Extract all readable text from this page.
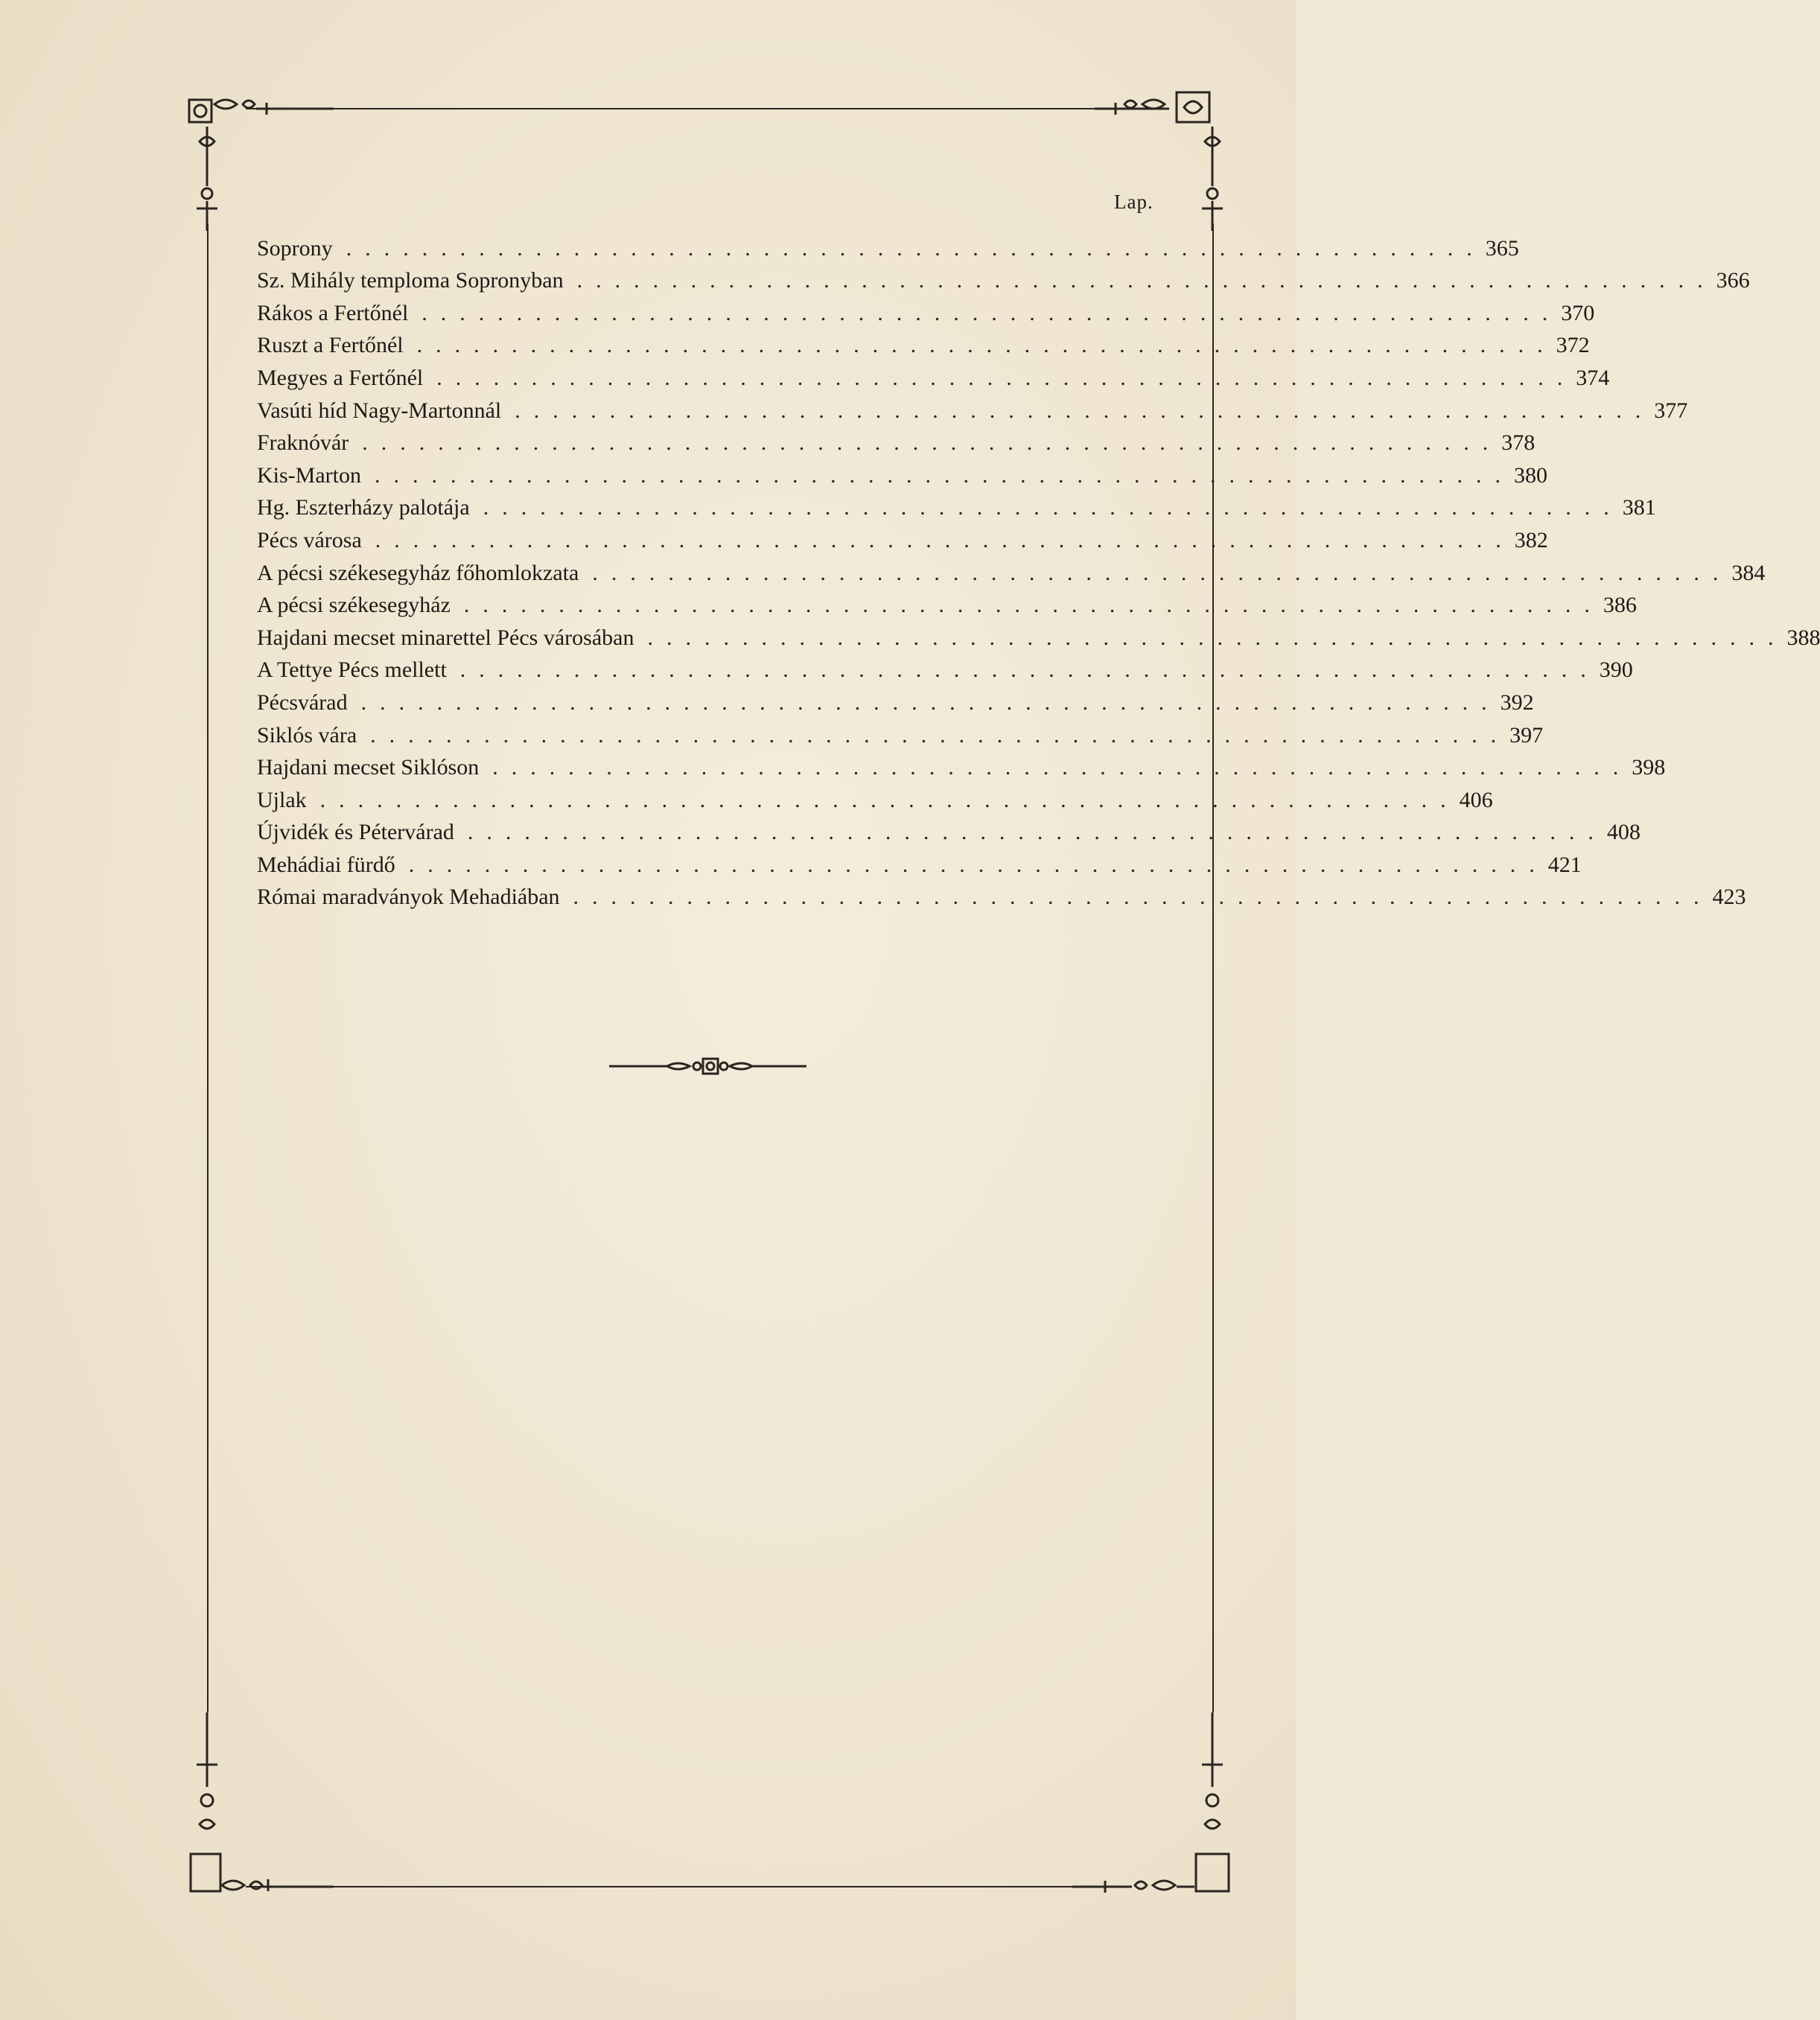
Lap.
Soprony ............................................................ 365
Sz. Mihály temploma Sopronyban ............................................................ 366
Rákos a Fertőnél ............................................................ 370
Ruszt a Fertőnél ............................................................ 372
Megyes a Fertőnél ............................................................ 374
Vasúti híd Nagy-Martonnál ............................................................ 377
Fraknóvár ............................................................ 378
Kis-Marton ............................................................ 380
Hg. Eszterházy palotája ............................................................ 381
Pécs városa ............................................................ 382
A pécsi székesegyház főhomlokzata ............................................................ 384
A pécsi székesegyház ............................................................ 386
Hajdani mecset minarettel Pécs városában ............................................................ 388
A Tettye Pécs mellett ............................................................ 390
Pécsvárad ............................................................ 392
Siklós vára ............................................................ 397
Hajdani mecset Siklóson ............................................................ 398
Ujlak ............................................................ 406
Újvidék és Pétervárad ............................................................ 408
Mehádiai fürdő ............................................................ 421
Római maradványok Mehadiában ............................................................ 423
